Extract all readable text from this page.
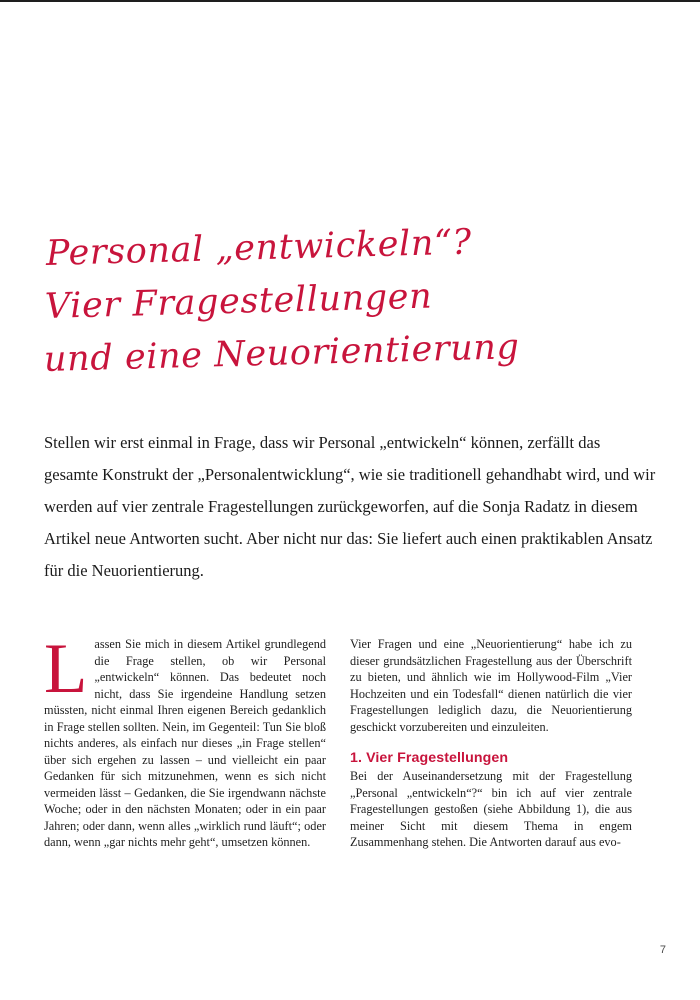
Personal „entwickeln“?
Vier Fragestellungen
und eine Neuorientierung
Stellen wir erst einmal in Frage, dass wir Personal „entwickeln“ können, zerfällt das gesamte Konstrukt der „Personalentwicklung“, wie sie traditionell gehandhabt wird, und wir werden auf vier zentrale Fragestellungen zurückgeworfen, auf die Sonja Radatz in diesem Artikel neue Antworten sucht. Aber nicht nur das: Sie liefert auch einen praktikablen Ansatz für die Neuorientierung.

Lassen Sie mich in diesem Artikel grundlegend die Frage stellen, ob wir Personal „entwickeln“ können. Das bedeutet noch nicht, dass Sie irgendeine Handlung setzen müssten, nicht einmal Ihren eigenen Bereich gedanklich in Frage stellen sollten. Nein, im Gegenteil: Tun Sie bloß nichts anderes, als einfach nur dieses „in Frage stellen“ über sich ergehen zu lassen – und vielleicht ein paar Gedanken für sich mitzunehmen, wenn es sich nicht vermeiden lässt – Gedanken, die Sie irgendwann nächste Woche; oder in den nächsten Monaten; oder in ein paar Jahren; oder dann, wenn alles „wirklich rund läuft“; oder dann, wenn „gar nichts mehr geht“, umsetzen können.

Vier Fragen und eine „Neuorientierung“ habe ich zu dieser grundsätzlichen Fragestellung aus der Überschrift zu bieten, und ähnlich wie im Hollywood-Film „Vier Hochzeiten und ein Todesfall“ dienen natürlich die vier Fragestellungen lediglich dazu, die Neuorientierung geschickt vorzubereiten und einzuleiten.

1. Vier Fragestellungen

Bei der Auseinandersetzung mit der Fragestellung „Personal „entwickeln“?“ bin ich auf vier zentrale Fragestellungen gestoßen (siehe Abbildung 1), die aus meiner Sicht mit diesem Thema in engem Zusammenhang stehen. Die Antworten darauf aus evo-

7
